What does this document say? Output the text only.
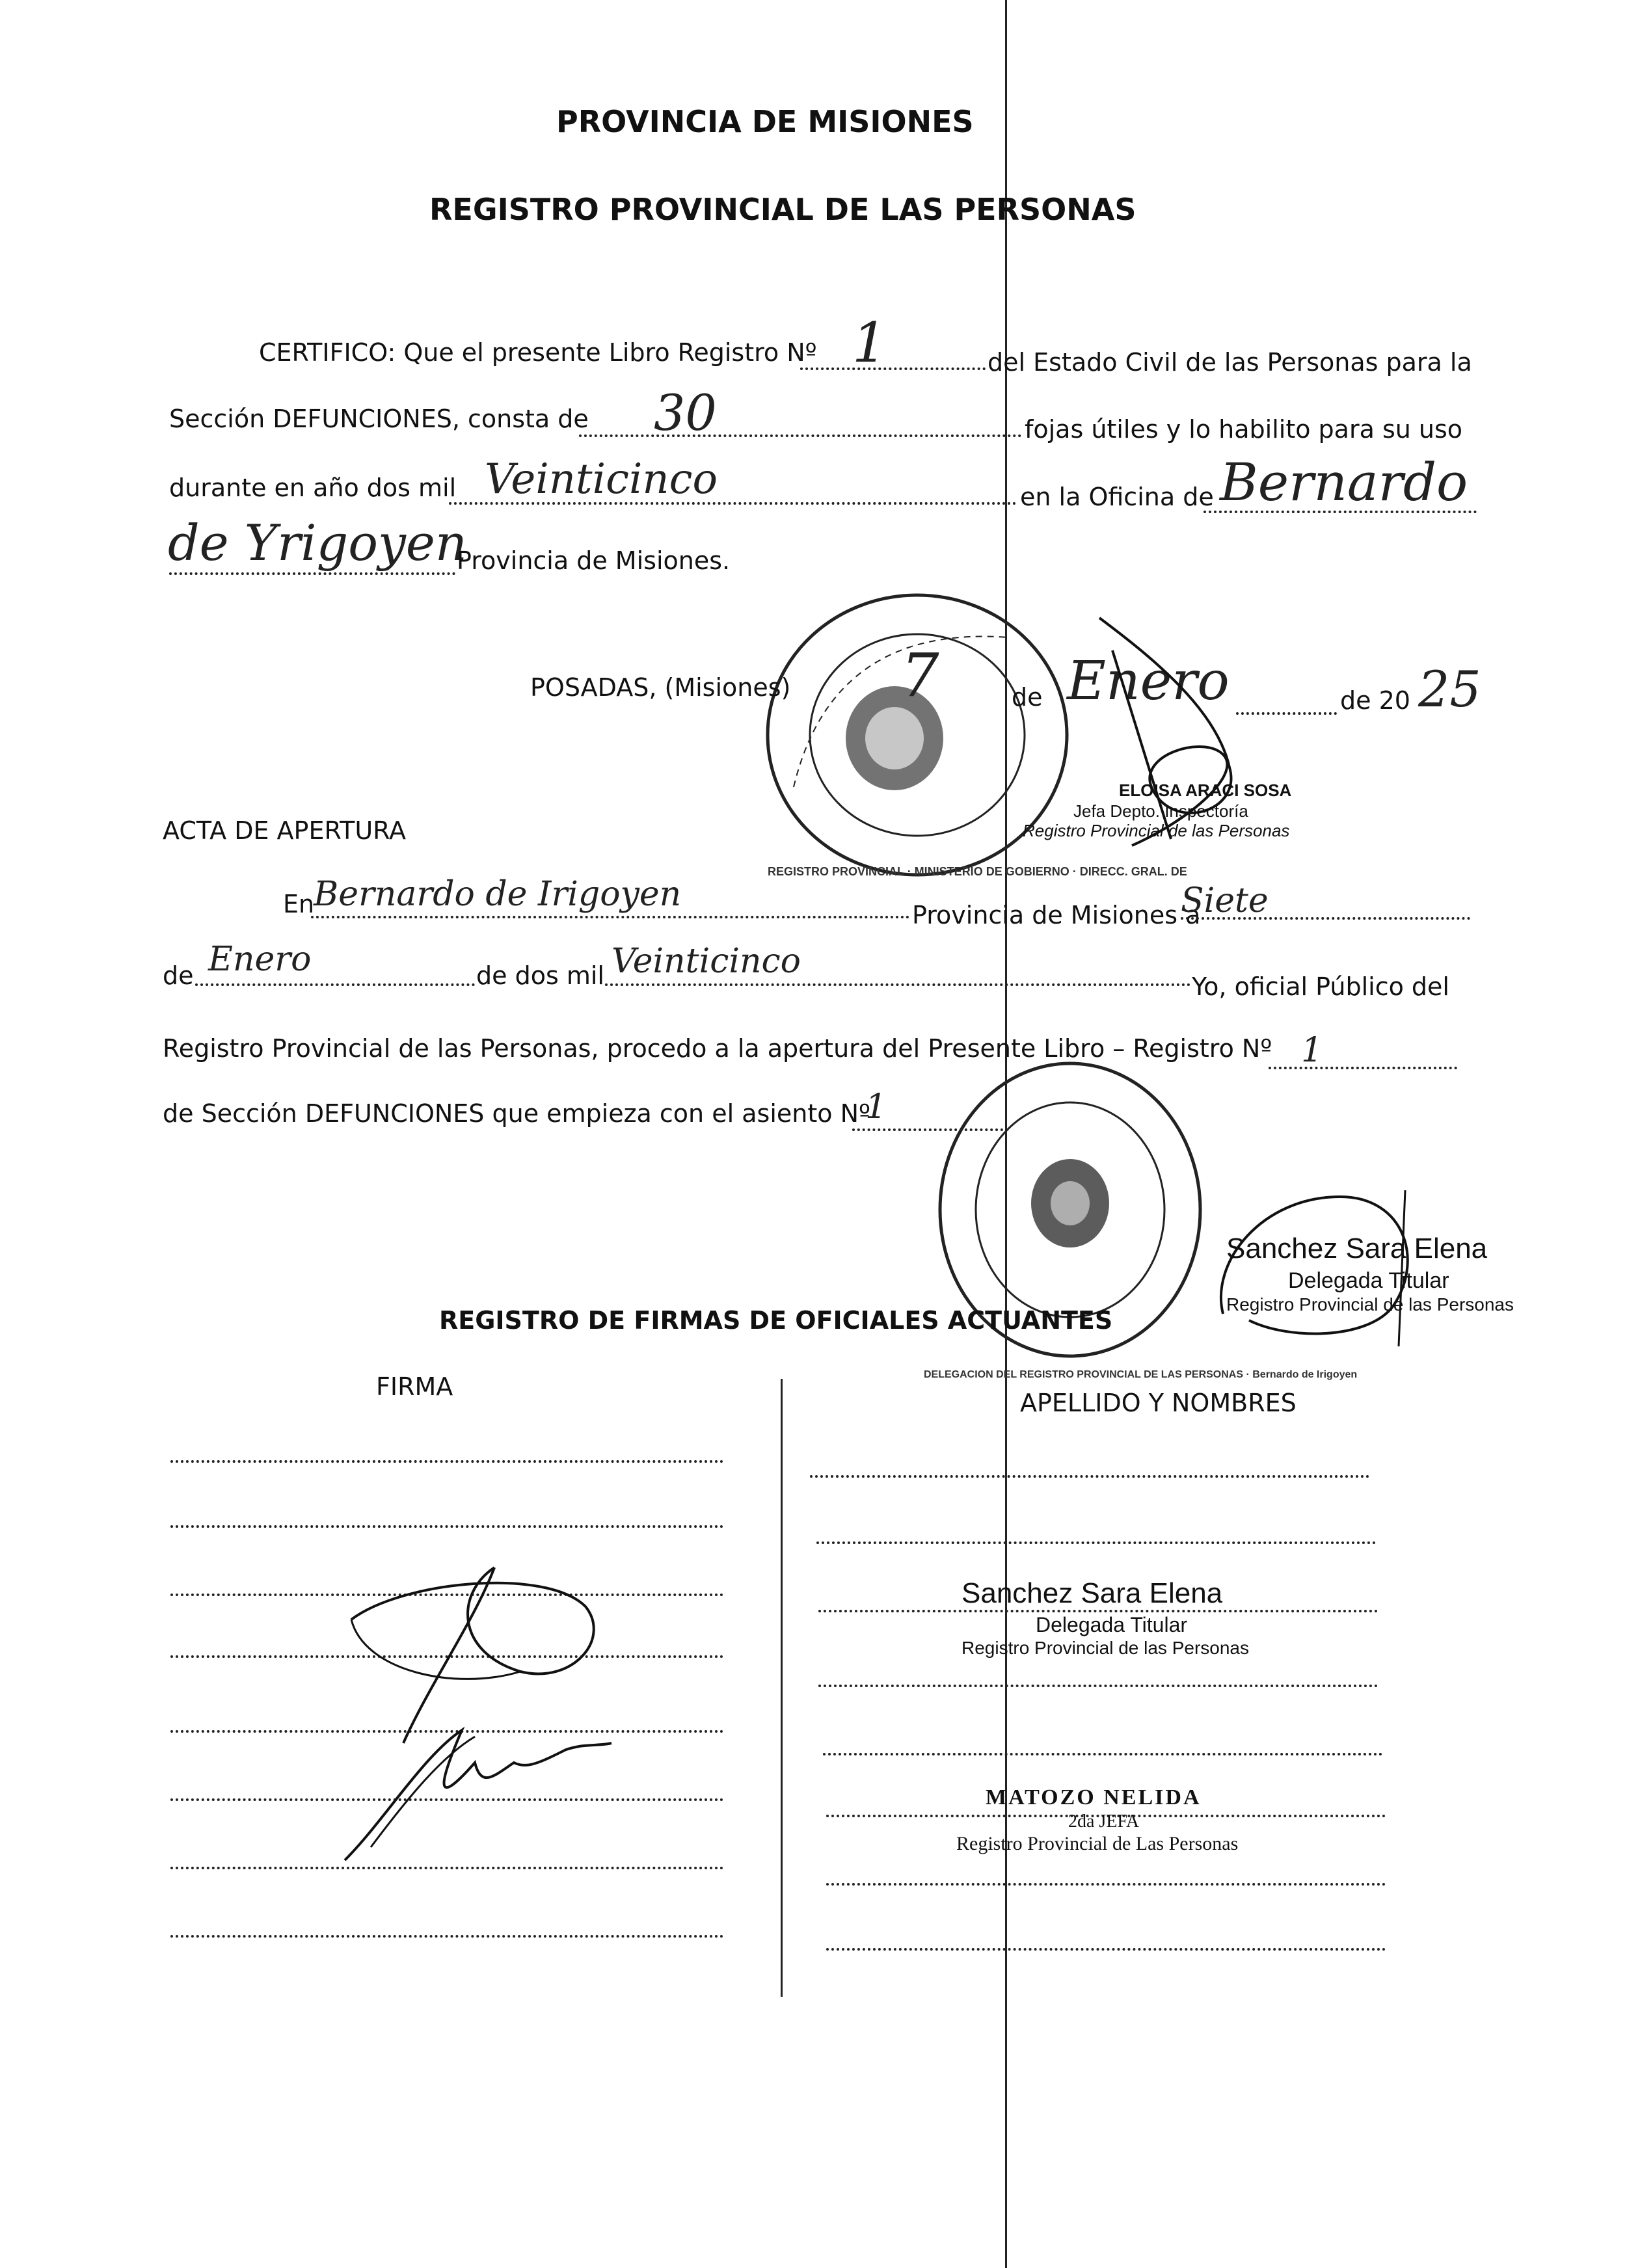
PROVINCIA DE MISIONES
REGISTRO PROVINCIAL DE LAS PERSONAS
CERTIFICO: Que el presente Libro Registro Nº 1	del Estado Civil de las Personas para la
Sección DEFUNCIONES, consta de 30	fojas útiles y lo habilito para su uso
durante en año dos mil Veinticinco	en la Oficina de Bernardo
de Yrigoyen
Provincia de Misiones.
REGISTRO PROVINCIAL · MINISTERIO DE GOBIERNO · DIRECC. GRAL. DE
POSADAS, (Misiones) 7	de Enero	de 20 25
ELOISA ARACI SOSA
Jefa Depto. Inspectoría
Registro Provincial de las Personas
ACTA DE APERTURA
En
Bernardo de Irigoyen
Provincia de Misiones a
Siete
de Enero	de dos mil Veinticinco
Yo, oficial Público del
Registro Provincial de las Personas, procedo a la apertura del Presente Libro – Registro Nº 1
de Sección DEFUNCIONES que empieza con el asiento Nº
1
DELEGACION DEL REGISTRO PROVINCIAL DE LAS PERSONAS · Bernardo de Irigoyen
Sanchez Sara Elena
Delegada Titular
Registro Provincial de las Personas
REGISTRO DE FIRMAS DE OFICIALES ACTUANTES
FIRMA
APELLIDO Y NOMBRES
Sanchez Sara Elena
Delegada Titular
Registro Provincial de las Personas
MATOZO NELIDA
2da JEFA
Registro Provincial de Las Personas
